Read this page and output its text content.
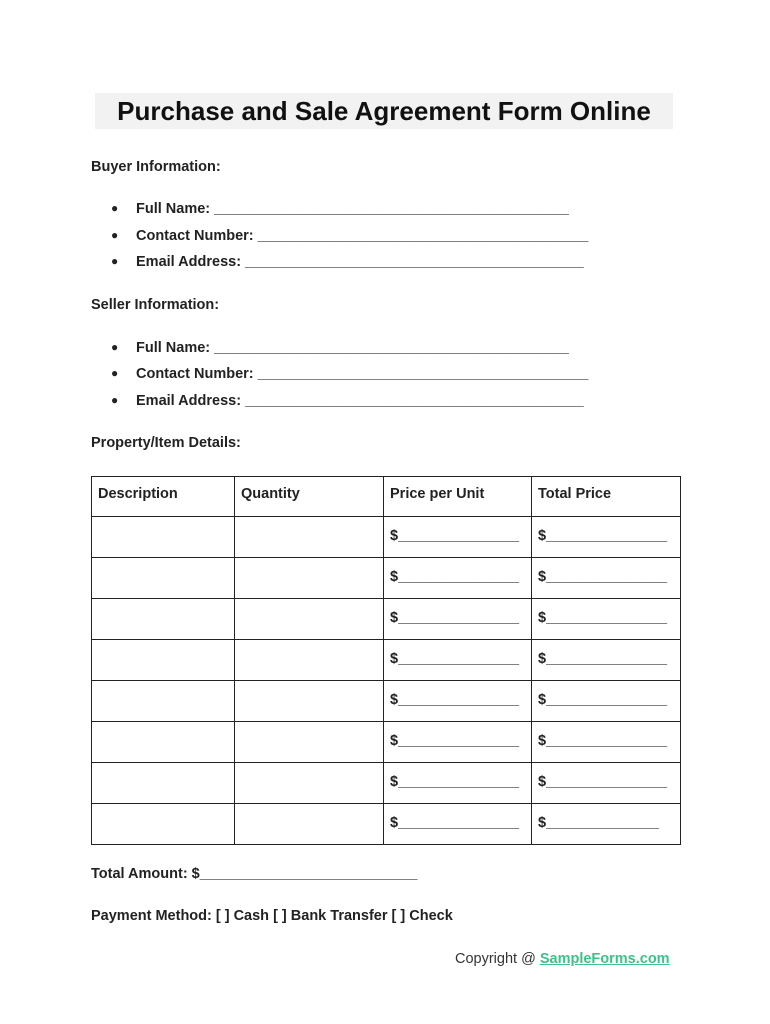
Purchase and Sale Agreement Form Online
Buyer Information:
● Full Name: ____________________________________________
● Contact Number: _________________________________________
● Email Address: __________________________________________
Seller Information:
● Full Name: ____________________________________________
● Contact Number: _________________________________________
● Email Address: __________________________________________
Property/Item Details:
Description	Quantity	Price per Unit	Total Price
		$_______________	$_______________
		$_______________	$_______________
		$_______________	$_______________
		$_______________	$_______________
		$_______________	$_______________
		$_______________	$_______________
		$_______________	$_______________
		$_______________	$______________
Total Amount: $___________________________
Payment Method: [ ] Cash [ ] Bank Transfer [ ] Check
Copyright @ SampleForms.com
